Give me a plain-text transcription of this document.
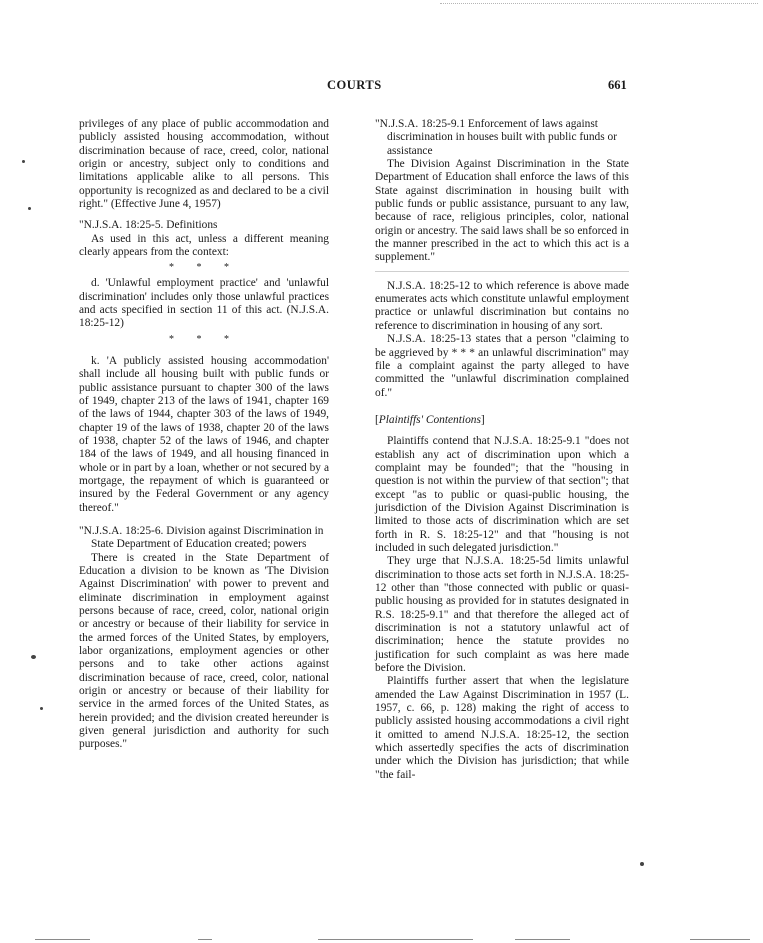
COURTS	661

privileges of any place of public accommodation and publicly assisted housing accommodation, without discrimination because of race, creed, color, national origin or ancestry, subject only to conditions and limitations applicable alike to all persons. This opportunity is recognized as and declared to be a civil right." (Effective June 4, 1957)

"N.J.S.A. 18:25-5. Definitions

As used in this act, unless a different meaning clearly appears from the context:

* * *

d. 'Unlawful employment practice' and 'unlawful discrimination' includes only those unlawful practices and acts specified in section 11 of this act. (N.J.S.A. 18:25-12)

* * *

k. 'A publicly assisted housing accommodation' shall include all housing built with public funds or public assistance pursuant to chapter 300 of the laws of 1949, chapter 213 of the laws of 1941, chapter 169 of the laws of 1944, chapter 303 of the laws of 1949, chapter 19 of the laws of 1938, chapter 20 of the laws of 1938, chapter 52 of the laws of 1946, and chapter 184 of the laws of 1949, and all housing financed in whole or in part by a loan, whether or not secured by a mortgage, the repayment of which is guaranteed or insured by the Federal Government or any agency thereof."

"N.J.S.A. 18:25-6. Division against Discrimination in State Department of Education created; powers

There is created in the State Department of Education a division to be known as 'The Division Against Discrimination' with power to prevent and eliminate discrimination in employment against persons because of race, creed, color, national origin or ancestry or because of their liability for service in the armed forces of the United States, by employers, labor organizations, employment agencies or other persons and to take other actions against discrimination because of race, creed, color, national origin or ancestry or because of their liability for service in the armed forces of the United States, as herein provided; and the division created hereunder is given general jurisdiction and authority for such purposes."

"N.J.S.A. 18:25-9.1 Enforcement of laws against discrimination in houses built with public funds or assistance

The Division Against Discrimination in the State Department of Education shall enforce the laws of this State against discrimination in housing built with public funds or public assistance, pursuant to any law, because of race, religious principles, color, national origin or ancestry. The said laws shall be so enforced in the manner prescribed in the act to which this act is a supplement."

N.J.S.A. 18:25-12 to which reference is above made enumerates acts which constitute unlawful employment practice or unlawful discrimination but contains no reference to discrimination in housing of any sort.

N.J.S.A. 18:25-13 states that a person "claiming to be aggrieved by * * * an unlawful discrimination" may file a complaint against the party alleged to have committed the "unlawful discrimination complained of."

[Plaintiffs' Contentions]

Plaintiffs contend that N.J.S.A. 18:25-9.1 "does not establish any act of discrimination upon which a complaint may be founded"; that the "housing in question is not within the purview of that section"; that except "as to public or quasi-public housing, the jurisdiction of the Division Against Discrimination is limited to those acts of discrimination which are set forth in R. S. 18:25-12" and that "housing is not included in such delegated jurisdiction."

They urge that N.J.S.A. 18:25-5d limits unlawful discrimination to those acts set forth in N.J.S.A. 18:25-12 other than "those connected with public or quasi-public housing as provided for in statutes designated in R.S. 18:25-9.1" and that therefore the alleged act of discrimination is not a statutory unlawful act of discrimination; hence the statute provides no justification for such complaint as was here made before the Division.

Plaintiffs further assert that when the legislature amended the Law Against Discrimination in 1957 (L. 1957, c. 66, p. 128) making the right of access to publicly assisted housing accommodations a civil right it omitted to amend N.J.S.A. 18:25-12, the section which assertedly specifies the acts of discrimination under which the Division has jurisdiction; that while "the fail-
